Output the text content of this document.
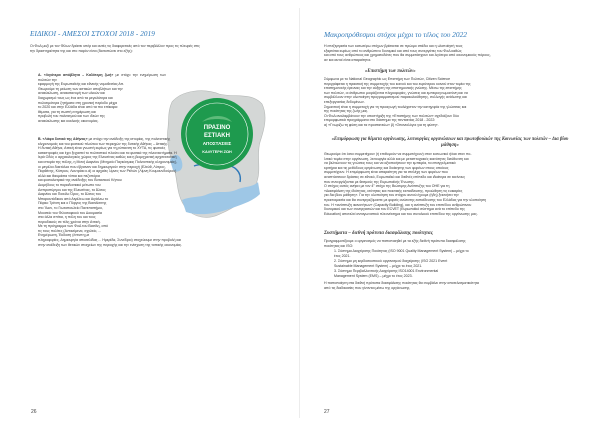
ΕΙΔΙΚΟΙ - ΑΜΕΣΟΙ ΣΤΟΧΟΙ 2018 - 2019

Οι ΦοΔ μαζί με τον Φίλων δράσει υπέρ και αυτές τις διαφορετικές από τον περιβάλλον προς τις πλευρές στις
την δραστηριότητα της και στο παρόν είναι (διατυπώνει στο εξής):

Α. «Λιγότερα απόβλητα – Καλύτερη ζωή» με στόχο την ενημέρωση των πολιτών την
εφαρμογή της Ευρωπαϊκής και εθνικής νομοθεσίας Απ.
Θεωρούμε τη μείωση των αστικών αποβλήτων και την
ανακύκλωση, ανακατανομή των υλικών και
διαχωρισμό τους ως ένα από τα μεγαλύτερα και
πολυτιμότερα ζητήματα στη χρονική περίοδο μέχρι
το 2020 και στην Ελλάδα είναι από τα πιο επίκαιρα
θέματα, για τη σωστή ενημέρωση και
προβολή του πολιτισμού και των ιδεών της
ανακύκλωσης και κυκλικής οικονομίας.

ΠΡΑΣΙΝΟ
ΕΣΤΙΑΚΗ
ΑΠΟΣΤΑΣΕΙΣ
ΚΑΛΥΤΕΡΗ ΖΩΗ

Β. «Λάφα δυτικά της Αθήνας» με στόχο την ανάδειξη της ιστορίας, της πολιτιστικής
κληρονομιάς και του φυσικού πλούτου των περιοχών της δυτικής Αθήνας – Αττικής.
Η δυτική Αθήνα, Αττική είναι γνωστή κυρίως για τη ρύπανση το ΧΥΤΑ, τις φυσικές
καταστροφές και έχει ξεχαστεί το πολιτιστικό πλούτο και τα φυσικά της πλεονεκτήματα. Η
Ιερά Οδός ο αρχαιολογικός χώρος της Ελευσίνας καθώς και η βιομηχανική αρχιτεκτονική
και ιστορία της πόλης, η Μονή Δαφνίου (Μνημείο Παγκόσμιας Πολιτιστικής κληρονομιάς),
οι μεγάλοι δακτύλιοι που έβγαιναν και δημιουργούν στην περιοχή (Ελεύθ, Λύτρος,
Παρθένης, Κύπρου, Λουτράκι κ.ά) οι αρχαίες λίμνες των Ρεϊτών (Λίμνη Κουμουνδούρου)
αλλά και θαυμάσια τόπια και πεζοπόρια
και φυσιολατρικά της ανάδειξης του Βοτανικού Κήπου
Διομήδους το παραδοσιακό μέτωπο του
Ασπροπύργου και της Ελευσίνας, το Άλσος
Δαφνίου και Ποικίλο Όρος, το Άλσος του
Μπαρουτάδικου από Αιγάλεω και Αιγάλεω το
Πάρκο Τρίτση και ο Πύργος της Βασιλίσσης
στο Ίλιον, το Γιωτοπουλείο Πανεπιστήμιο,
Μουσείο του Φιλοσοφικού του Δοκιμασία
στα άλλα σπίτια, η πόλη του και τους
περιοδικούς σε τέλη χρόνια στην Αττική.
Με τη πρόγραμμα των ΦοΔ του Βασίλη, από
τις τους πολίτες (Αντικείμενα, σχολείο, ...
Ενημέρωση, Έκδοση (έντυπη με
πληροφορίες, Δημιουργία ιστοσελίδας ... Ημερίδα, Συνέδριο) στοχεύουμε στην προβολή και
στην ανάδειξη των θετικών στοιχείων της περιοχής και την ενίσχυση της τοπικής οικονομίας.

26
Μακροπρόθεσμοι στόχοι μέχρι το τέλος του 2022

Η επεξεργασία των κατωτέρω στόχων βρίσκεται σε πρώιμο στάδιο και η υλοποίησή τους
εξαρτάται κυρίως από το ανθρώπινο δυναμικό και από τους συνεργάτες του ΦοΔ καθώς
και από τους ανθρώπους και χρηματοδότες που θα συμμετάσχουν και λιγότερο από οικονομικούς πόρους,
αν και αυτοί είναι απαραίτητοι.

«Επιστήμη των πολιτών»

Σύμφωνα με το National Geographic ως Επιστήμη των Πολιτών, Citizen Science
περιγράφεται η πρακτική της συμμετοχής του κοινού και του ευρύτερου κοινού στον τομέα της
επιστημονικής έρευνας και την αύξηση της επιστημονικής γνώσης. Μέσω της επιστήμης
των πολιτών, οι άνθρωποι μοιράζονται πληροφορίες, γνώσεις και εμπειρογνωμοσύνη και να
συμβάλλουν στην υλοποίηση προγραμματισμού παρακολούθησης, συλλογής ανάλυσης και
επεξεργασίας δεδομένων.
Σημαντική είναι η συμμετοχή για τη προαγωγή τουλάχιστον την κατηγορία της γλώσσας και
της ποιότητας της ζωής μας.
Οι ΦοΔ αναλαμβάνουν την υποστήριξη της «Επιστήμης των πολιτών» σχεδιάζουν δύο
επιμορφωτικά προγράμματα στο διάστημα της πενταετίας 2018 - 2022:
α) «Γνωρίζω τη φύση και τα προστατεύω» β) «Σπανιολόγοι για τη φύση».

«Επιμόρφωση για θέματα οργάνωσης, λειτουργίας οργανώσεων και πρωτοβουλιών της Κοινωνίας των πολιτών – Δια βίου μάθηση»

Θεωρούμε ότι όσοι συμμετέχουν (ή επιθυμούν να συμμετέχουν) στον κοινωνικό ή/και στον πο-
λιτικό τομέα στην οργάνωση, λειτουργία αλλά και με μεταπτυχιακές ικανότητες διεύθυνση και
να βελτιώνουν τις γνώσεις τους και να αξιοποιήσουν την εμπειρία, τα επαγγελματικά
κριτήρια και τις μεθόδους οργάνωσης και διοίκησης των φορέων στους οποίους
συμμετέχουν. Η επιμόρφωση είναι απαραίτητη για τα στελέχη των φορέων που
αναπτύσσουν δράσεις σε εθνικό, Ευρωπαϊκό και διεθνές επίπεδο και ιδιαίτερα σε εκείνους
που συνεργάζονται με θεσμούς της Ευρωπαϊκής Ένωσης.
Ο στόχος αυτός ανήκει με τον 4° στόχο της Βιώσιμης Ανάπτυξης του ΟΗΕ για τη
«Διασφάλιση της ιδιότητας, ισότητας και ποιοτικής εκπαίδευσης, προώθηση τις ευκαιρίες
για δια βίου μάθηση». Για την υλοποίηση του στόχου αυτού έχουμε (ήδη) ξεκινήσει την
προετοιμασία και θα συνεργαζόμαστε με φορείς ανώτατης εκπαίδευσης του Ελλάδας για την υλοποίηση
του. Η «ανάπτυξη ικανοτήτων» (Capacity Building), και η ανάπτυξη του επιπέδου ανθρώπινου
δυναμικού και των συνεργασιών και του ECVET (Ευρωπαϊκό σύστημα ανά το επίπεδο της
Education) αποτελεί ανταγωνιστικό πλεονέκτημα και του συνολικού επιπέδου της οργάνωσης μας.

Συστήματα – διεθνή πρότυπα διασφάλισης ποιότητας

Προγραμματίζουμε ο οργανισμός να πιστοποιηθεί με τα εξής διεθνή πρότυπα διασφάλισης
ποιότητας και ISO:

1. Σύστημα Διαχείρισης Ποιότητας (ISO 9001 Quality Management System) – μέχρι το
έτος 2021.

2. Σύστημα μη κερδοσκοπικού οργανισμού διαχείρισης (ISO 2021 Event
Sustainable Management System) – μέχρι το έτος 2021.

3. Σύστημα Περιβαλλοντικής Διαχείρισης ISO14001 Environmental
Management System (EMS) – μέχρι το έτος 2023.

Η πιστοποίηση στα διεθνή πρότυπα διασφάλισης ποιότητας θα συμβάλει στην αποτελεσματικότητα
από τις διαδικασίες που γίνονται μέσω της οργάνωσης.

27
